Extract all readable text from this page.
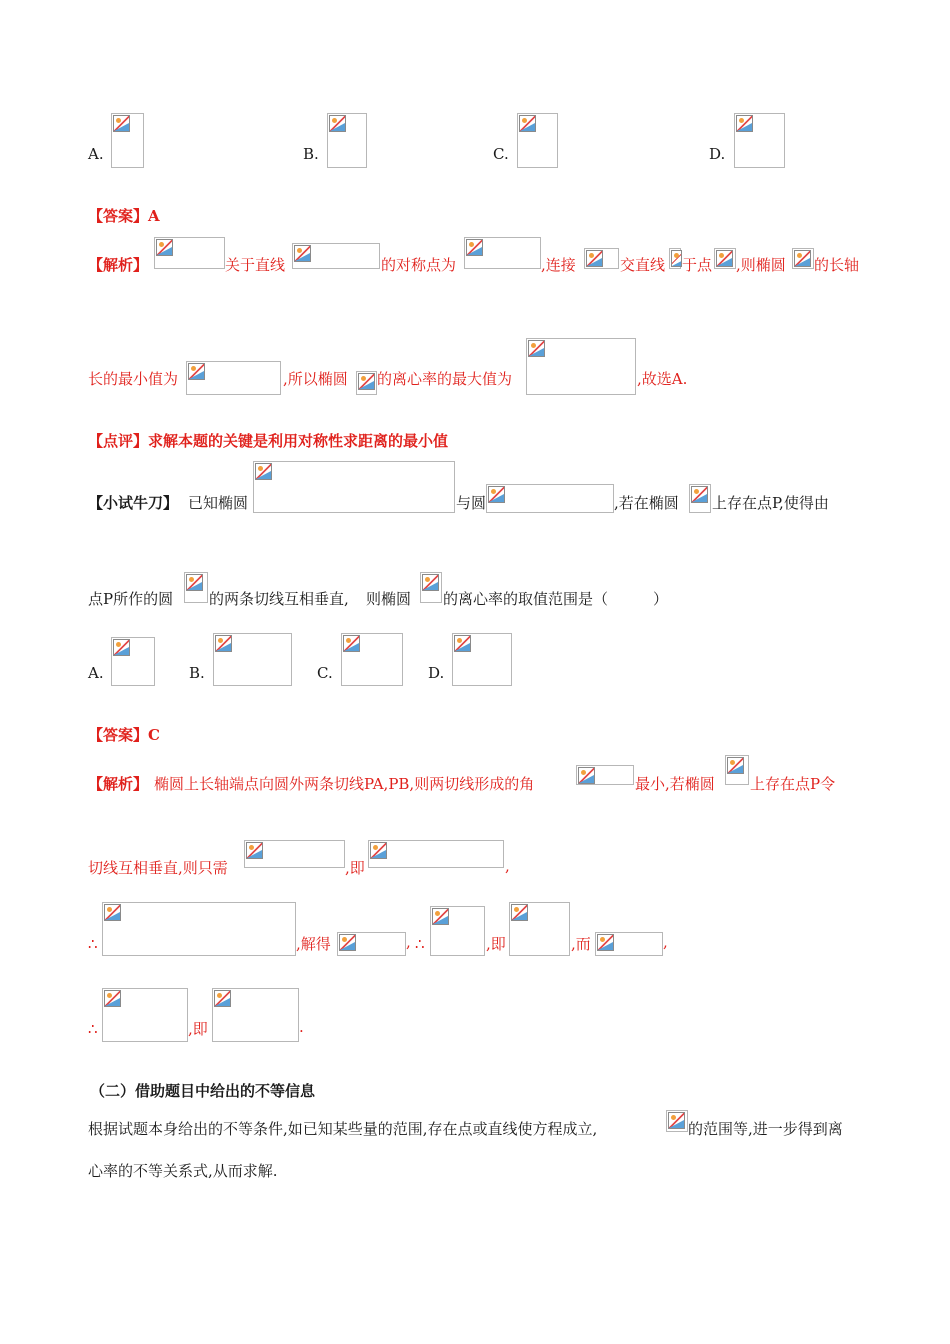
A.	B.	C.	D.
【答案】A
【解析】	关于直线	的对称点为	,连接	交直线 于点 ,则椭圆 的长轴
长的最小值为	,所以椭圆 的离心率的最大值为	,故选A.
【点评】求解本题的关键是利用对称性求距离的最小值
【小试牛刀】 已知椭圆	与圆	,若在椭圆 上存在点P,使得由
点P所作的圆 的两条切线互相垂直, 则椭圆 的离心率的取值范围是（　　　）
A.	B.	C.	D.
【答案】C
【解析】 椭圆上长轴端点向圆外两条切线PA,PB,则两切线形成的角	最小,若椭圆 上存在点P令
切线互相垂直,则只需	,即	,
∴	,解得	, ∴	,即	,而	,
∴	,即	.
（二）借助题目中给出的不等信息
根据试题本身给出的不等条件,如已知某些量的范围,存在点或直线使方程成立,	的范围等,进一步得到离
心率的不等关系式,从而求解.
